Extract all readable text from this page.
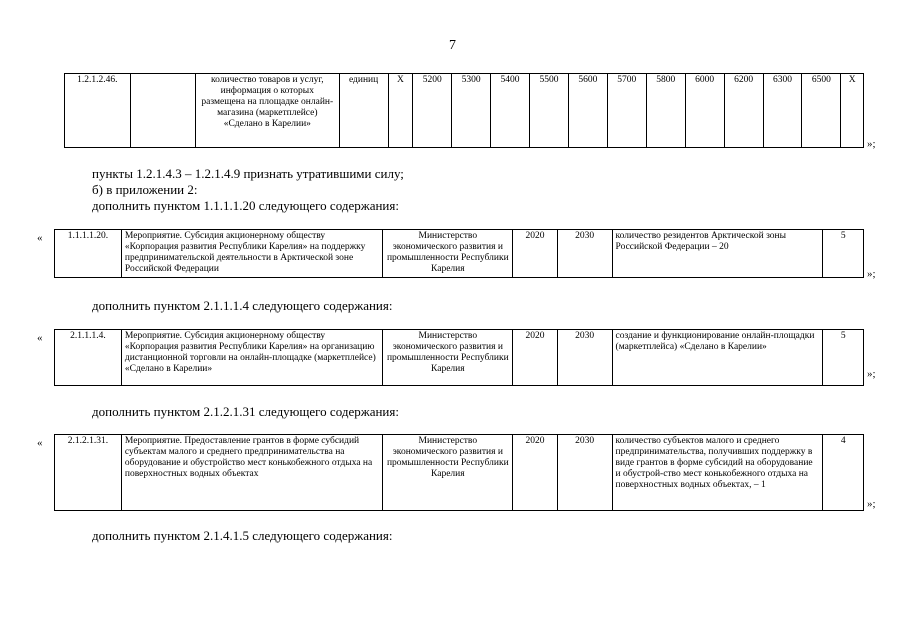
7
1.2.1.2.46.		количество товаров и услуг, информация о которых размещена на площадке онлайн-магазина (маркетплейсе) «Сделано в Карелии»	единиц	X	5200	5300	5400	5500	5600	5700	5800	6000	6200	6300	6500	X
»;
пункты 1.2.1.4.3 – 1.2.1.4.9 признать утратившими силу;
б) в приложении 2:
дополнить пунктом 1.1.1.1.20 следующего содержания:
«	1.1.1.1.20.	Мероприятие. Субсидия акционерному обществу «Корпорация развития Республики Карелия» на поддержку предпринимательской деятельности в Арктической зоне Российской Федерации	Министерство экономического развития и промышленности Республики Карелия	2020	2030	количество резидентов Арктической зоны Российской Федерации – 20	5
»;
дополнить пунктом 2.1.1.1.4 следующего содержания:
«	2.1.1.1.4.	Мероприятие. Субсидия акционерному обществу «Корпорация развития Республики Карелия» на организацию дистанционной торговли на онлайн-площадке (маркетплейсе) «Сделано в Карелии»	Министерство экономического развития и промышленности Республики Карелия	2020	2030	создание и функционирование онлайн-площадки (маркетплейса) «Сделано в Карелии»	5
»;
дополнить пунктом 2.1.2.1.31 следующего содержания:
«	2.1.2.1.31.	Мероприятие. Предоставление грантов в форме субсидий субъектам малого и среднего предпринимательства на оборудование и обустройство мест конькобежного отдыха на поверхностных водных объектах	Министерство экономического развития и промышленности Республики Карелия	2020	2030	количество субъектов малого и среднего предпринимательства, получивших поддержку в виде грантов в форме субсидий на оборудование и обустрой-ство мест конькобежного отдыха на поверхностных водных объектах, – 1	4
»;
дополнить пунктом 2.1.4.1.5 следующего содержания:
